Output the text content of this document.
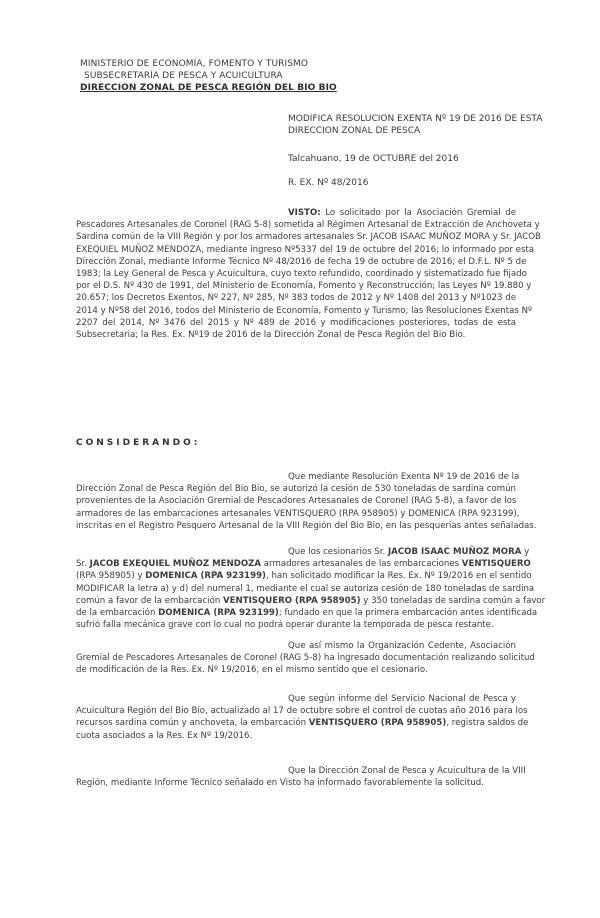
MINISTERIO DE ECONOMÍA, FOMENTO Y TURISMO
SUBSECRETARÍA DE PESCA Y ACUICULTURA
DIRECCION ZONAL DE PESCA REGIÓN DEL BIO BIO
MODIFICA RESOLUCION EXENTA Nº 19 DE 2016 DE ESTA
DIRECCION ZONAL DE PESCA
Talcahuano, 19 de OCTUBRE del 2016
R. EX. Nº 48/2016
VISTO: Lo solicitado por la Asociación Gremial de
Pescadores Artesanales de Coronel (RAG 5-8) sometida al Régimen Artesanal de Extracción de Anchoveta y
Sardina común de la VIII Región y por los armadores artesanales Sr. JACOB ISAAC MUÑOZ MORA y Sr. JACOB
EXEQUIEL MUÑOZ MENDOZA, mediante ingreso Nº5337 del 19 de octubre del 2016; lo informado por esta
Dirección Zonal, mediante Informe Técnico Nº 48/2016 de fecha 19 de octubre de 2016; el D.F.L. Nº 5 de
1983; la Ley General de Pesca y Acuicultura, cuyo texto refundido, coordinado y sistematizado fue fijado
por el D.S. Nº 430 de 1991, del Ministerio de Economía, Fomento y Reconstrucción; las Leyes Nº 19.880 y
20.657; los Decretos Exentos, Nº 227, Nº 285, Nº 383 todos de 2012 y Nº 1408 del 2013 y Nº1023 de
2014 y Nº58 del 2016, todos del Ministerio de Economía, Fomento y Turismo; las Resoluciones Exentas Nº
2207 del 2014, Nº 3476 del 2015 y Nº 489 de 2016 y modificaciones posteriores, todas de esta
Subsecretaria; la Res. Ex. Nº19 de 2016 de la Dirección Zonal de Pesca Región del Bio Bio.
CONSIDERANDO:
Que mediante Resolución Exenta Nº 19 de 2016 de la
Dirección Zonal de Pesca Región del Bio Bio, se autorizó la cesión de 530 toneladas de sardina común
provenientes de la Asociación Gremial de Pescadores Artesanales de Coronel (RAG 5-8), a favor de los
armadores de las embarcaciones artesanales VENTISQUERO (RPA 958905) y DOMENICA (RPA 923199),
inscritas en el Registro Pesquero Artesanal de la VIII Región del Bio Bio, en las pesquerías antes señaladas.
Que los cesionarios Sr. JACOB ISAAC MUÑOZ MORA y
Sr. JACOB EXEQUIEL MUÑOZ MENDOZA armadores artesanales de las embarcaciones VENTISQUERO
(RPA 958905) y DOMENICA (RPA 923199), han solicitado modificar la Res. Ex. Nº 19/2016 en el sentido
MODIFICAR la letra a) y d) del numeral 1, mediante el cual se autoriza cesión de 180 toneladas de sardina
común a favor de la embarcación VENTISQUERO (RPA 958905) y 350 toneladas de sardina común a favor
de la embarcación DOMENICA (RPA 923199); fundado en que la primera embarcación antes identificada
sufrió falla mecánica grave con lo cual no podrá operar durante la temporada de pesca restante.
Que así mismo la Organización Cedente, Asociación
Gremial de Pescadores Artesanales de Coronel (RAG 5-8) ha ingresado documentación realizando solicitud
de modificación de la Res. Ex. Nº 19/2016, en el mismo sentido que el cesionario.
Que según informe del Servicio Nacional de Pesca y
Acuicultura Región del Bio Bio, actualizado al 17 de octubre sobre el control de cuotas año 2016 para los
recursos sardina común y anchoveta, la embarcación VENTISQUERO (RPA 958905), registra saldos de
cuota asociados a la Res. Ex Nº 19/2016.
Que la Dirección Zonal de Pesca y Acuicultura de la VIII
Región, mediante Informe Técnico señalado en Visto ha informado favorablemente la solicitud.
